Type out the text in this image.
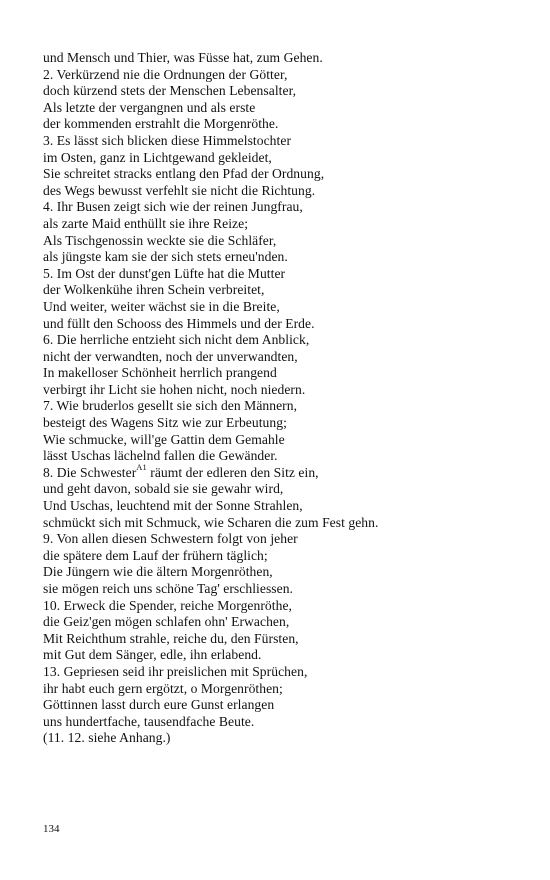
und Mensch und Thier, was Füsse hat, zum Gehen.
2. Verkürzend nie die Ordnungen der Götter,
doch kürzend stets der Menschen Lebensalter,
Als letzte der vergangnen und als erste
der kommenden erstrahlt die Morgenröthe.
3. Es lässt sich blicken diese Himmelstochter
im Osten, ganz in Lichtgewand gekleidet,
Sie schreitet stracks entlang den Pfad der Ordnung,
des Wegs bewusst verfehlt sie nicht die Richtung.
4. Ihr Busen zeigt sich wie der reinen Jungfrau,
als zarte Maid enthüllt sie ihre Reize;
Als Tischgenossin weckte sie die Schläfer,
als jüngste kam sie der sich stets erneu'nden.
5. Im Ost der dunst'gen Lüfte hat die Mutter
der Wolkenkühe ihren Schein verbreitet,
Und weiter, weiter wächst sie in die Breite,
und füllt den Schooss des Himmels und der Erde.
6. Die herrliche entzieht sich nicht dem Anblick,
nicht der verwandten, noch der unverwandten,
In makelloser Schönheit herrlich prangend
verbirgt ihr Licht sie hohen nicht, noch niedern.
7. Wie bruderlos gesellt sie sich den Männern,
besteigt des Wagens Sitz wie zur Erbeutung;
Wie schmucke, will'ge Gattin dem Gemahle
lässt Uschas lächelnd fallen die Gewänder.
8. Die Schwester$^{A1}$ räumt der edleren den Sitz ein,
und geht davon, sobald sie sie gewahr wird,
Und Uschas, leuchtend mit der Sonne Strahlen,
schmückt sich mit Schmuck, wie Scharen die zum Fest gehn.
9. Von allen diesen Schwestern folgt von jeher
die spätere dem Lauf der frühern täglich;
Die Jüngern wie die ältern Morgenröthen,
sie mögen reich uns schöne Tag' erschliessen.
10. Erweck die Spender, reiche Morgenröthe,
die Geiz'gen mögen schlafen ohn' Erwachen,
Mit Reichthum strahle, reiche du, den Fürsten,
mit Gut dem Sänger, edle, ihn erlabend.
13. Gepriesen seid ihr preislichen mit Sprüchen,
ihr habt euch gern ergötzt, o Morgenröthen;
Göttinnen lasst durch eure Gunst erlangen
uns hundertfache, tausendfache Beute.
(11. 12. siehe Anhang.)
134
